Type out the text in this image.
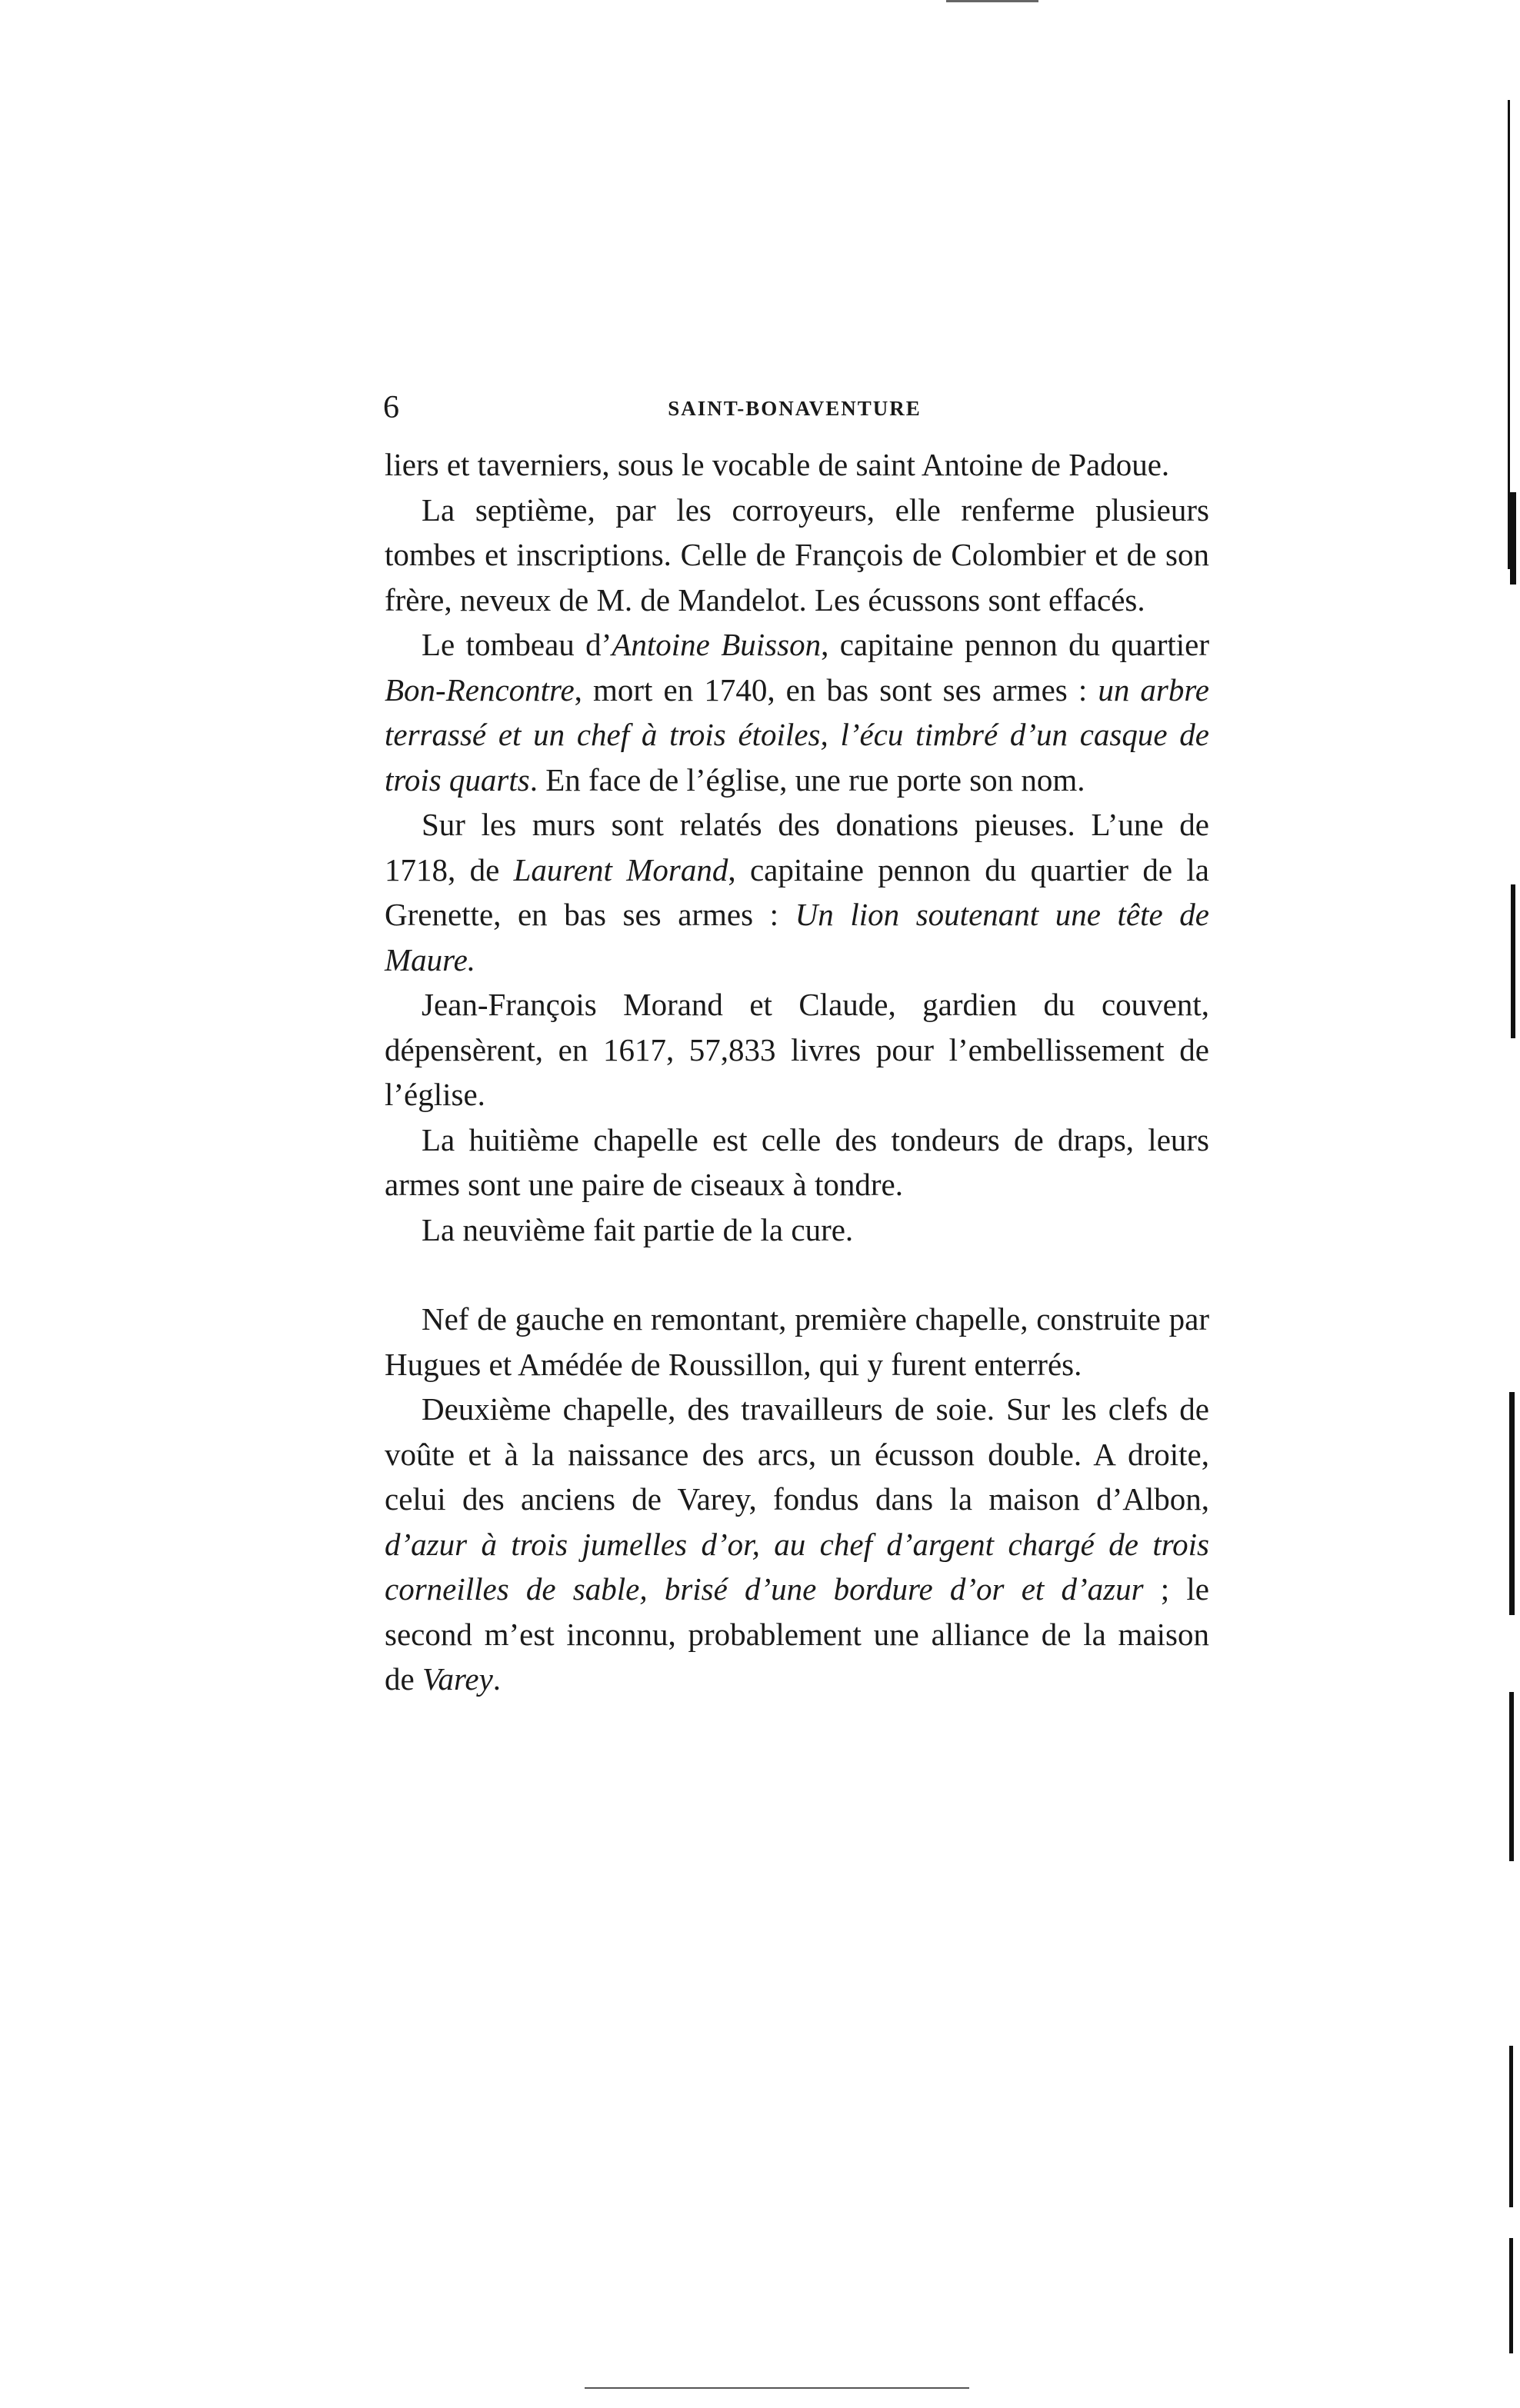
6	SAINT-BONAVENTURE

liers et taverniers, sous le vocable de saint Antoine de Padoue.

La septième, par les corroyeurs, elle renferme plusieurs tombes et inscriptions. Celle de François de Colombier et de son frère, neveux de M. de Mandelot. Les écussons sont effacés.

Le tombeau d’Antoine Buisson, capitaine pennon du quartier Bon-Rencontre, mort en 1740, en bas sont ses armes : un arbre terrassé et un chef à trois étoiles, l’écu timbré d’un casque de trois quarts. En face de l’église, une rue porte son nom.

Sur les murs sont relatés des donations pieuses. L’une de 1718, de Laurent Morand, capitaine pennon du quartier de la Grenette, en bas ses armes : Un lion soutenant une tête de Maure.

Jean-François Morand et Claude, gardien du couvent, dépensèrent, en 1617, 57,833 livres pour l’embellissement de l’église.

La huitième chapelle est celle des tondeurs de draps, leurs armes sont une paire de ciseaux à tondre.

La neuvième fait partie de la cure.

Nef de gauche en remontant, première chapelle, construite par Hugues et Amédée de Roussillon, qui y furent enterrés.

Deuxième chapelle, des travailleurs de soie. Sur les clefs de voûte et à la naissance des arcs, un écusson double. A droite, celui des anciens de Varey, fondus dans la maison d’Albon, d’azur à trois jumelles d’or, au chef d’argent chargé de trois corneilles de sable, brisé d’une bordure d’or et d’azur ; le second m’est inconnu, probablement une alliance de la maison de Varey.
